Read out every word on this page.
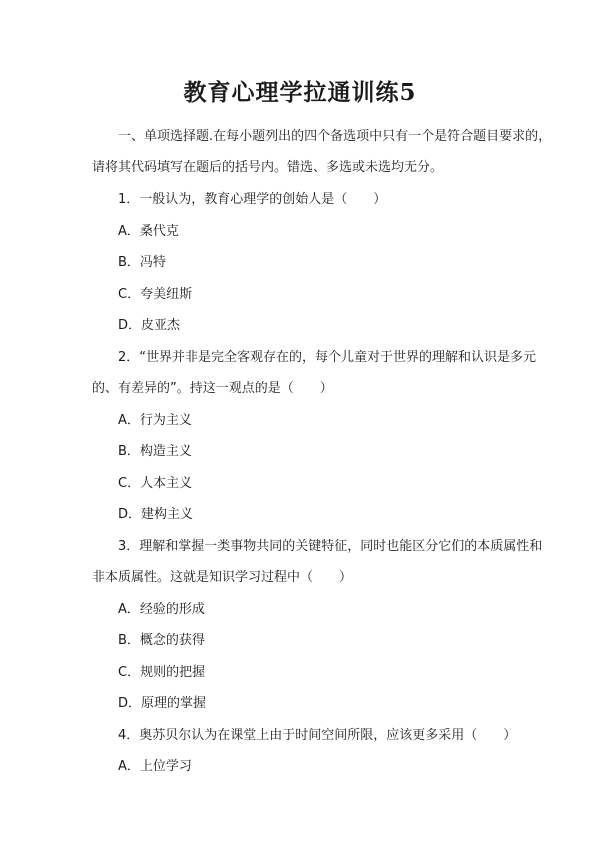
教育心理学拉通训练5

一、单项选择题.在每小题列出的四个备选项中只有一个是符合题目要求的，

请将其代码填写在题后的括号内。错选、多选或未选均无分。

1．一般认为，教育心理学的创始人是（　　）

A．桑代克

B．冯特

C．夸美纽斯

D．皮亚杰

2．“世界并非是完全客观存在的，每个儿童对于世界的理解和认识是多元

的、有差异的”。持这一观点的是（　　）

A．行为主义

B．构造主义

C．人本主义

D．建构主义

3．理解和掌握一类事物共同的关键特征，同时也能区分它们的本质属性和

非本质属性。这就是知识学习过程中（　　）

A．经验的形成

B．概念的获得

C．规则的把握

D．原理的掌握

4．奥苏贝尔认为在课堂上由于时间空间所限，应该更多采用（　　）

A．上位学习
